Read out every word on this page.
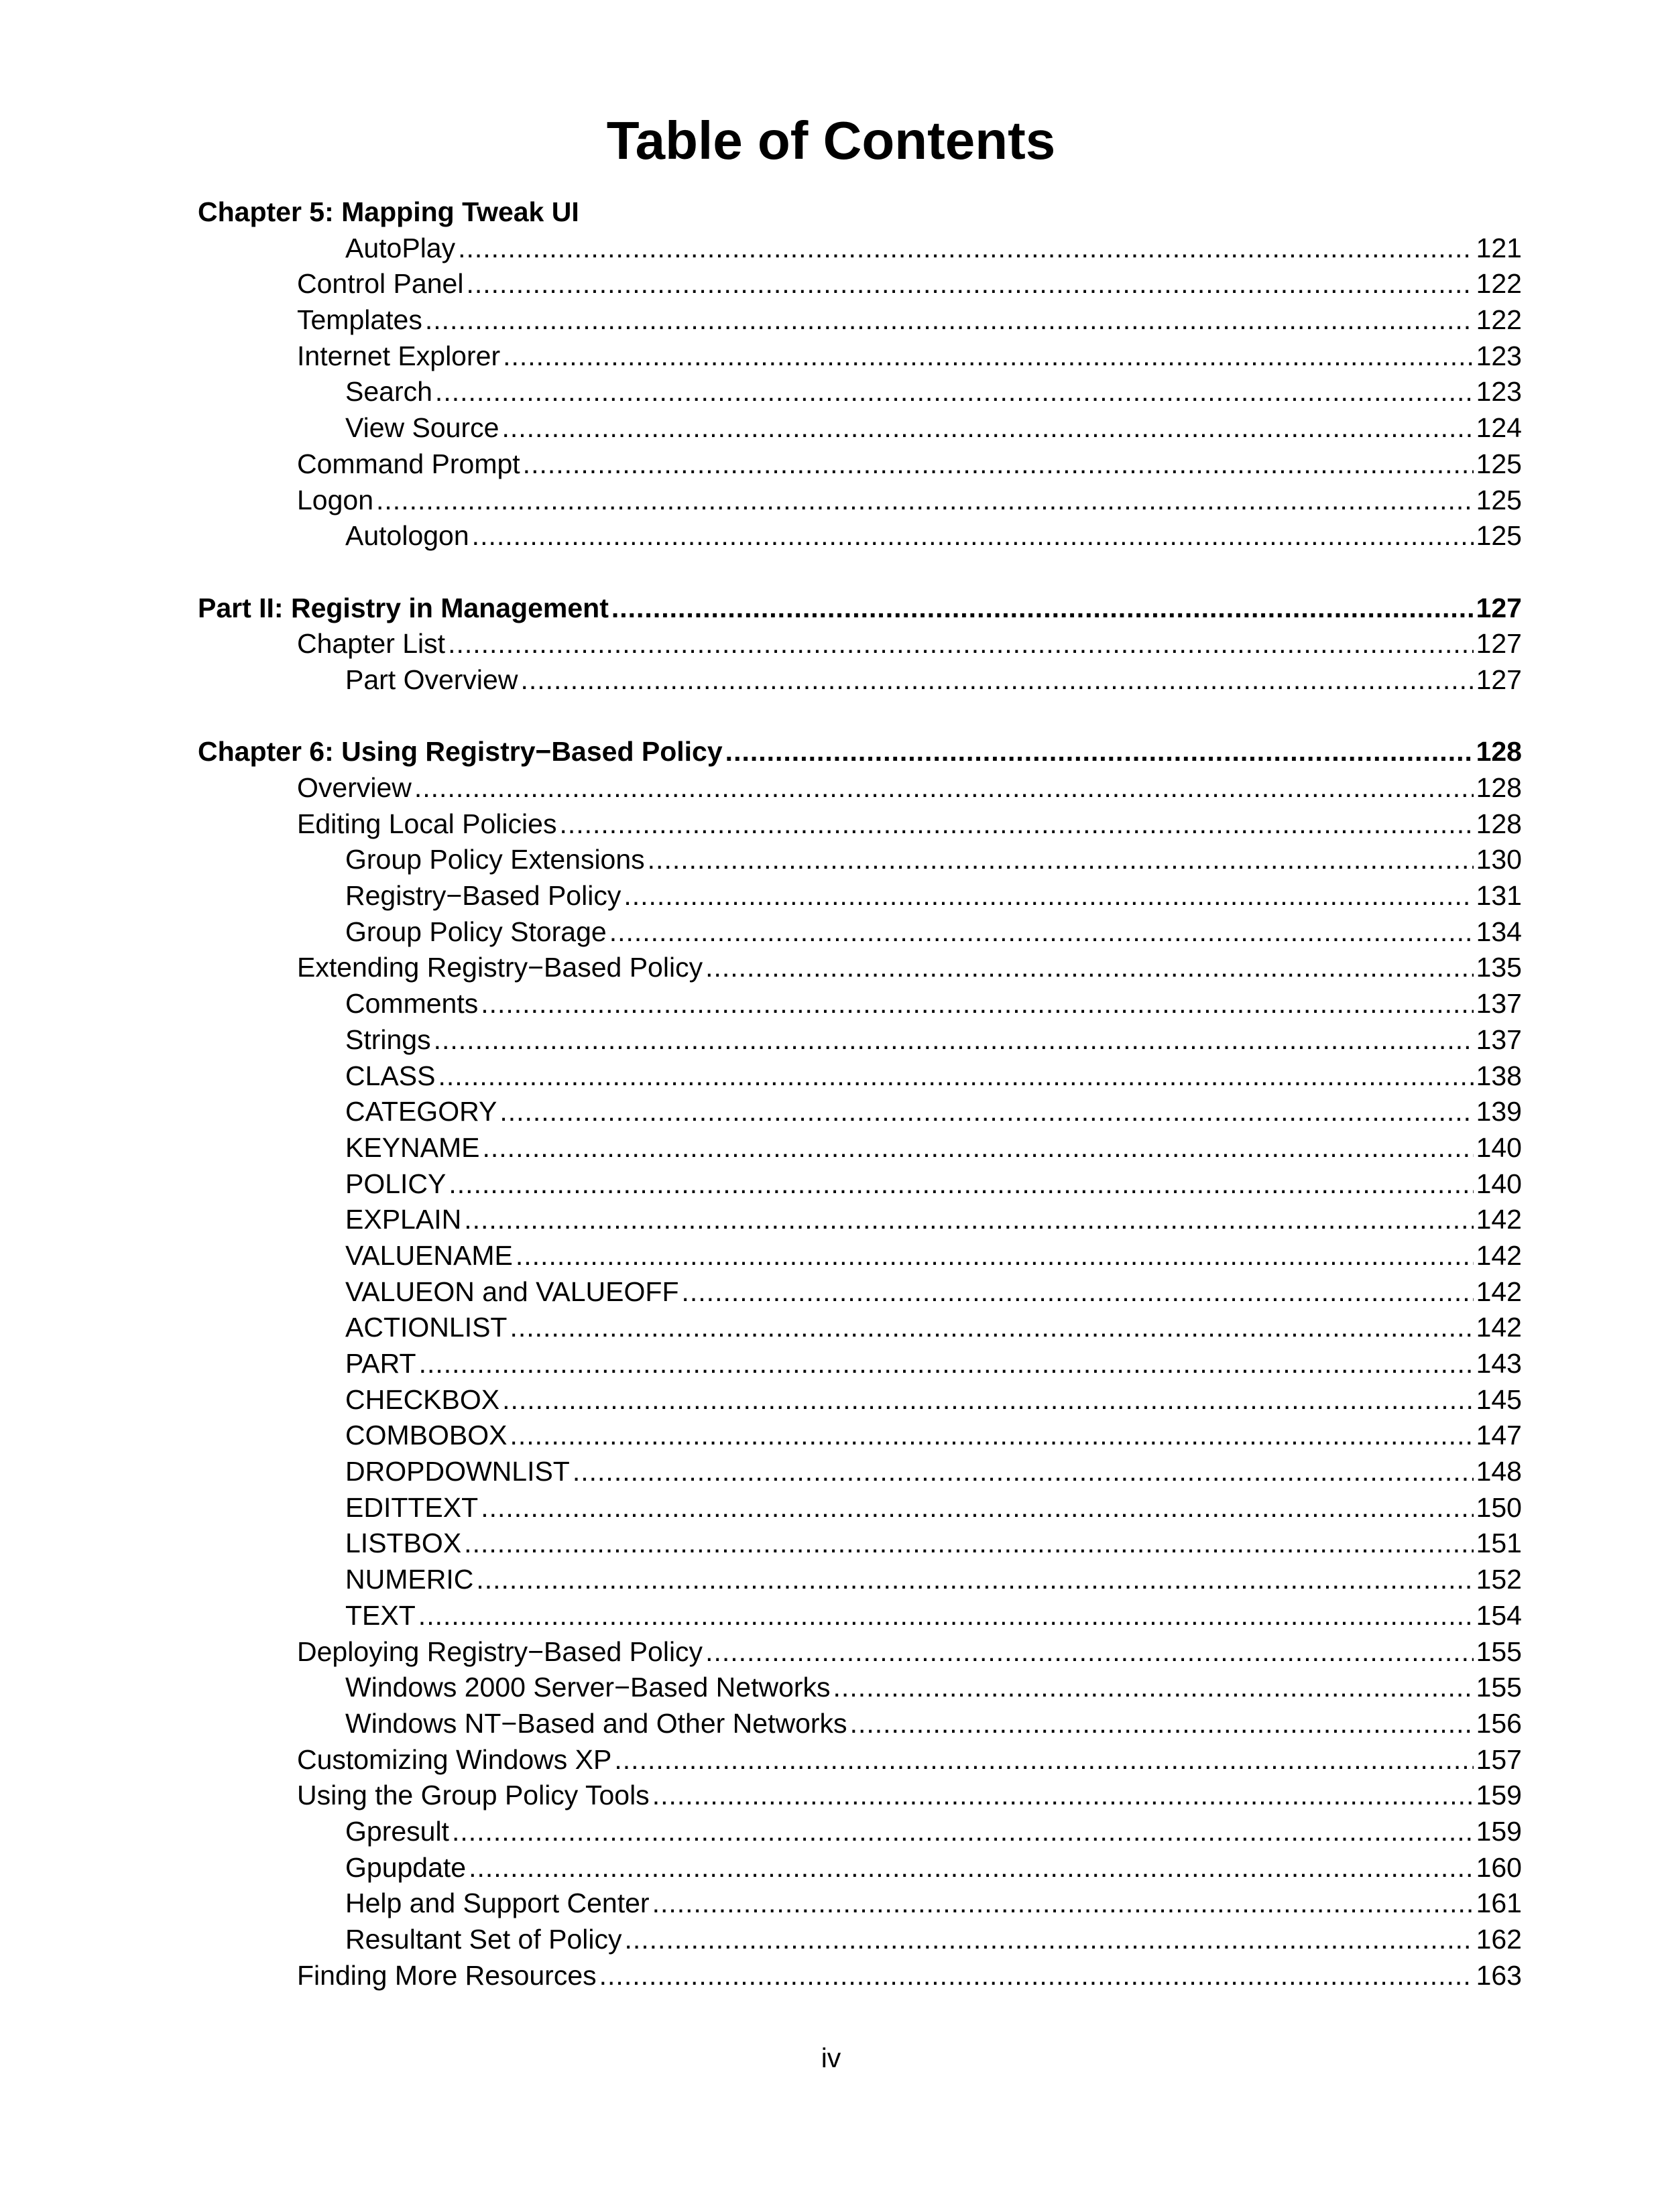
Table of Contents
Chapter 5: Mapping Tweak UI
AutoPlay .....	121
Control Panel .....	122
Templates .....	122
Internet Explorer .....	123
Search .....	123
View Source .....	124
Command Prompt .....	125
Logon .....	125
Autologon .....	125
Part II: Registry in Management .....	127
Chapter List .....	127
Part Overview .....	127
Chapter 6: Using Registry−Based Policy .....	128
Overview .....	128
Editing Local Policies .....	128
Group Policy Extensions .....	130
Registry−Based Policy .....	131
Group Policy Storage .....	134
Extending Registry−Based Policy .....	135
Comments .....	137
Strings .....	137
CLASS .....	138
CATEGORY .....	139
KEYNAME .....	140
POLICY .....	140
EXPLAIN .....	142
VALUENAME .....	142
VALUEON and VALUEOFF .....	142
ACTIONLIST .....	142
PART .....	143
CHECKBOX .....	145
COMBOBOX .....	147
DROPDOWNLIST .....	148
EDITTEXT .....	150
LISTBOX .....	151
NUMERIC .....	152
TEXT .....	154
Deploying Registry−Based Policy .....	155
Windows 2000 Server−Based Networks .....	155
Windows NT−Based and Other Networks .....	156
Customizing Windows XP .....	157
Using the Group Policy Tools .....	159
Gpresult .....	159
Gpupdate .....	160
Help and Support Center .....	161
Resultant Set of Policy .....	162
Finding More Resources .....	163
iv
